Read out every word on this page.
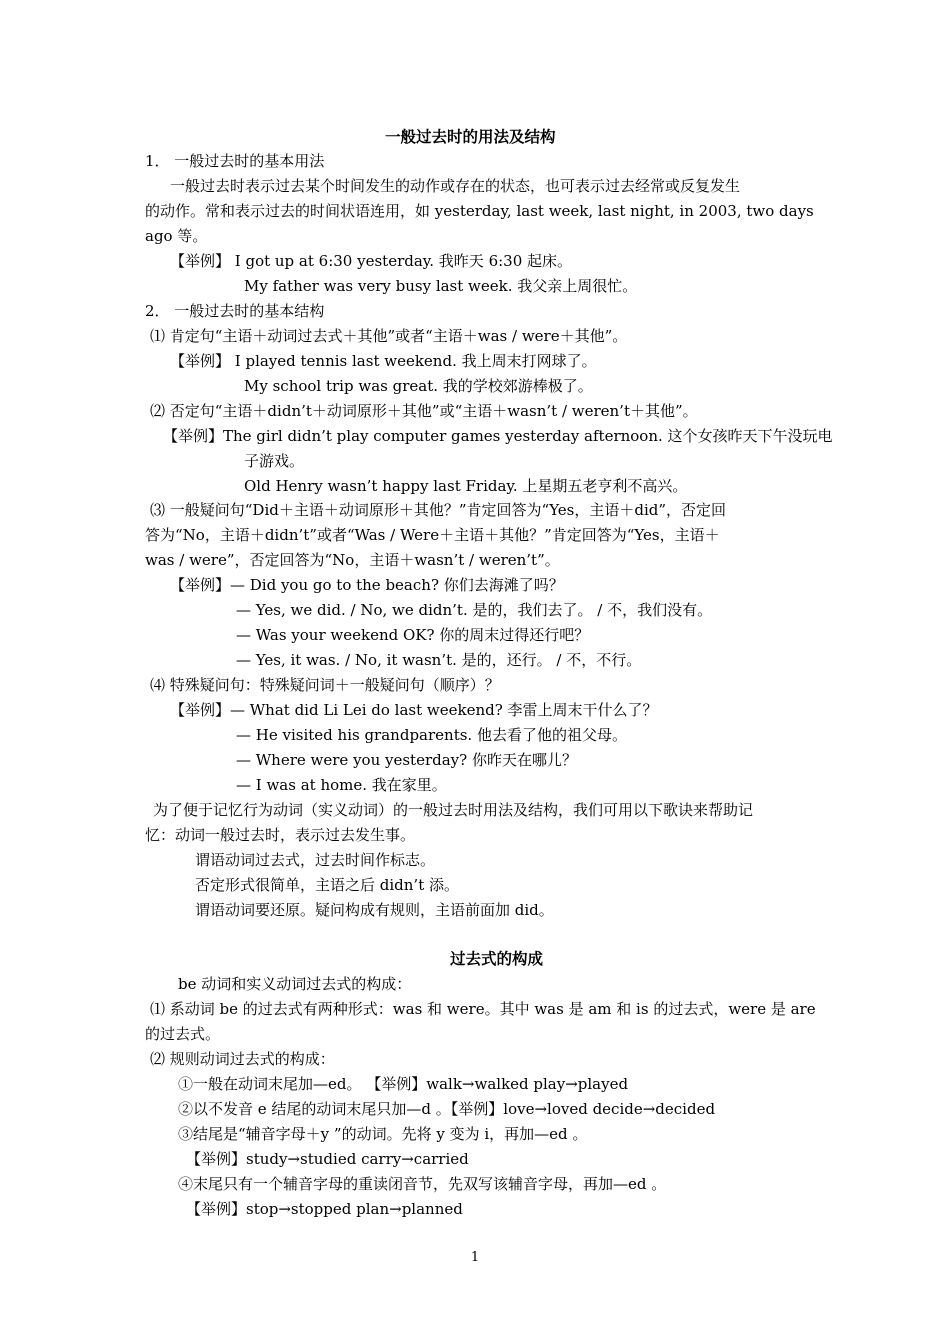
一般过去时的用法及结构
1． 一般过去时的基本用法
一般过去时表示过去某个时间发生的动作或存在的状态，也可表示过去经常或反复发生
的动作。常和表示过去的时间状语连用，如 yesterday, last week, last night, in 2003, two days
ago 等。
【举例】 I got up at 6:30 yesterday. 我昨天 6:30 起床。
My father was very busy last week. 我父亲上周很忙。
2． 一般过去时的基本结构
⑴ 肯定句“主语＋动词过去式＋其他”或者“主语＋was / were＋其他”。
【举例】 I played tennis last weekend. 我上周末打网球了。
My school trip was great. 我的学校郊游棒极了。
⑵ 否定句“主语＋didn’t＋动词原形＋其他”或“主语＋wasn’t / weren’t＋其他”。
【举例】The girl didn’t play computer games yesterday afternoon. 这个女孩昨天下午没玩电
子游戏。
Old Henry wasn’t happy last Friday. 上星期五老亨利不高兴。
⑶ 一般疑问句“Did＋主语＋动词原形＋其他？”肯定回答为“Yes，主语＋did”，否定回
答为“No，主语＋didn’t”或者“Was / Were＋主语＋其他？”肯定回答为“Yes，主语＋
was / were”，否定回答为“No，主语＋wasn’t / weren’t”。
【举例】— Did you go to the beach? 你们去海滩了吗？
— Yes, we did. / No, we didn’t. 是的，我们去了。 / 不，我们没有。
— Was your weekend OK? 你的周末过得还行吧？
— Yes, it was. / No, it wasn’t. 是的，还行。 / 不，不行。
⑷ 特殊疑问句：特殊疑问词＋一般疑问句（顺序）？
【举例】— What did Li Lei do last weekend? 李雷上周末干什么了？
— He visited his grandparents. 他去看了他的祖父母。
— Where were you yesterday? 你昨天在哪儿？
— I was at home. 我在家里。
为了便于记忆行为动词（实义动词）的一般过去时用法及结构，我们可用以下歌诀来帮助记
忆：动词一般过去时，表示过去发生事。
谓语动词过去式，过去时间作标志。
否定形式很简单，主语之后 didn’t 添。
谓语动词要还原。疑问构成有规则，主语前面加 did。
过去式的构成
be 动词和实义动词过去式的构成：
⑴ 系动词 be 的过去式有两种形式：was 和 were。其中 was 是 am 和 is 的过去式，were 是 are
的过去式。
⑵ 规则动词过去式的构成：
①一般在动词末尾加—ed。 【举例】walk→walked play→played
②以不发音 e 结尾的动词末尾只加—d 。【举例】love→loved decide→decided
③结尾是“辅音字母＋y ”的动词。先将 y 变为 i，再加—ed 。
【举例】study→studied carry→carried
④末尾只有一个辅音字母的重读闭音节，先双写该辅音字母，再加—ed 。
【举例】stop→stopped plan→planned
1
